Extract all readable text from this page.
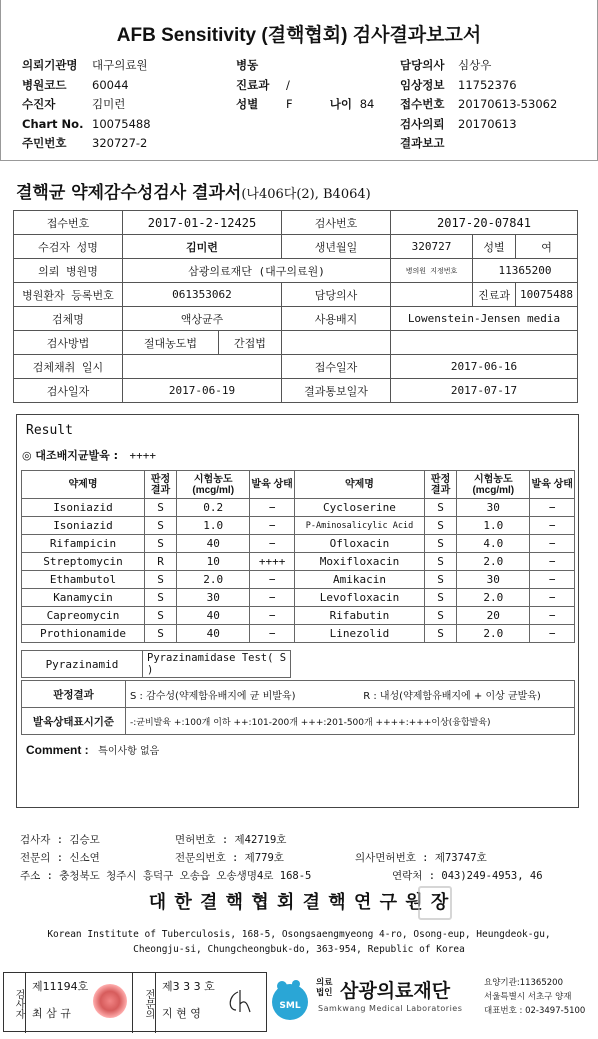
AFB Sensitivity (결핵협회) 검사결과보고서
의뢰기관명 대구의료원
병원코드 60044
수진자	김미런
Chart No. 10075488
주민번호 320727-2
병동
진료과 /
성별 F	나이 84
담당의사 심상우
임상정보 11752376
접수번호 20170613-53062
검사의뢰 20170613
결과보고
결핵균 약제감수성검사 결과서(나406다(2), B4064)
접수번호	2017-01-2-12425		검사번호	2017-20-07841		
수검자 성명	김미련		생년월일	320727	성별	여
의뢰 병원명	삼광의료재단 (대구의료원)			병의원 지정번호	11365200	
병원환자 등록번호	061353062		담당의사		진료과	10075488
검체명	액상균주		사용배지	Lowenstein-Jensen media		
검사방법	절대농도법	간접법				
검체채취 일시			접수일자	2017-06-16		
검사일자	2017-06-19		결과통보일자	2017-07-17		
Result
◎ 대조배지균발육 : ++++
약제명	판정 결과	시험농도 (mcg/ml)	발육 상태	약제명	판정 결과	시험농도 (mcg/ml)	발육 상태
Isoniazid	S	0.2	−	Cycloserine	S	30	−
Isoniazid	S	1.0	−	P-Aminosalicylic Acid	S	1.0	−
Rifampicin	S	40	−	Ofloxacin	S	4.0	−
Streptomycin	R	10	++++	Moxifloxacin	S	2.0	−
Ethambutol	S	2.0	−	Amikacin	S	30	−
Kanamycin	S	30	−	Levofloxacin	S	2.0	−
Capreomycin	S	40	−	Rifabutin	S	20	−
Prothionamide	S	40	−	Linezolid	S	2.0	−
Pyrazinamid	Pyrazinamidase Test( S )
판정결과	S : 감수성(약제함유배지에 균 비발육) R : 내성(약제함유배지에 + 이상 균발육)
발육상태표시기준	-:균비발육 +:100개 이하 ++:101-200개 +++:201-500개 ++++:+++이상(융합발육)
Comment : 특이사항 없음
검사자 : 김승모	면허번호 : 제42719호
전문의 : 신소연	전문의번호 : 제779호	의사면허번호 : 제73747호
주소 : 충청북도 청주시 흥덕구 오송읍 오송생명4로 168-5	연락처 : 043)249-4953, 46
대 한 결 핵 협 회 결 핵 연 구 원 장
Korean Institute of Tuberculosis, 168-5, Osongsaengmyeong 4-ro, Osong-eup, Heungdeok-gu,
Cheongju-si, Chungcheongbuk-do, 363-954, Republic of Korea
검사자
제11194호
최 삼 규	전문의
제3 3 3 호
지 현 영
SML
의료법인 삼광의료재단
Samkwang Medical Laboratories
요양기관:11365200
서울특별시 서초구 양재
대표번호 : 02-3497-5100
